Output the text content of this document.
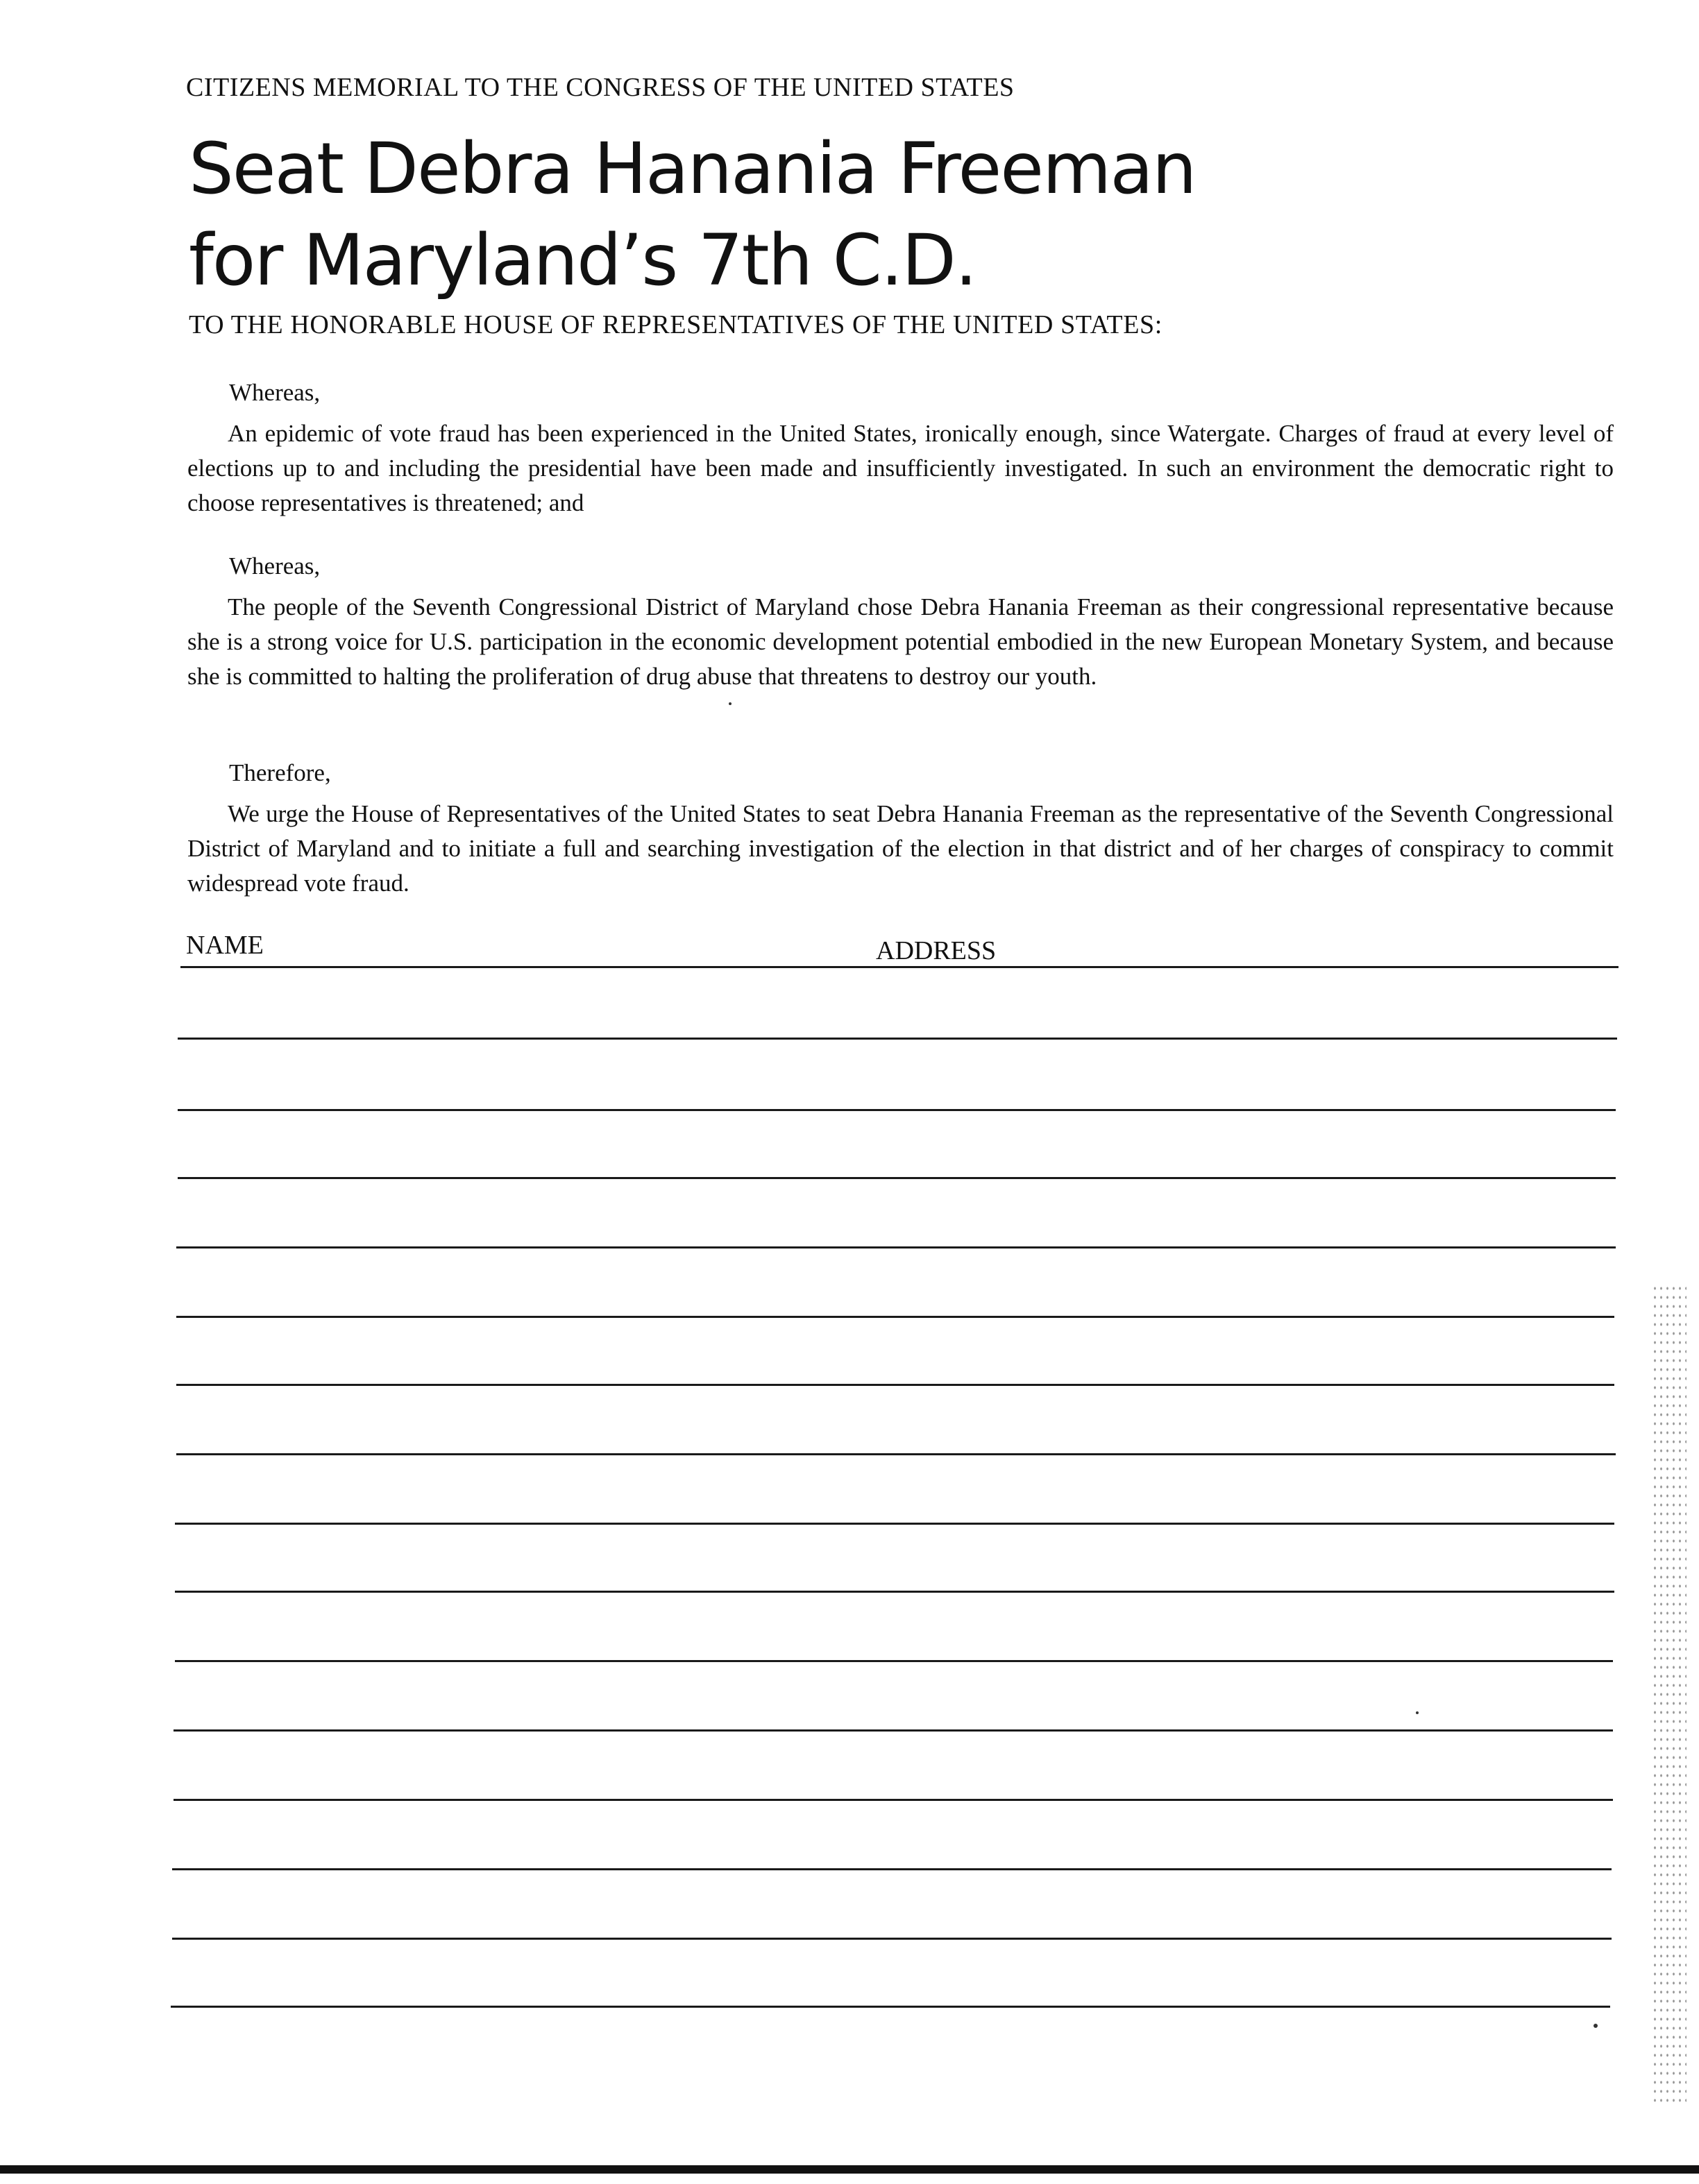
CITIZENS MEMORIAL TO THE CONGRESS OF THE UNITED STATES
Seat Debra Hanania Freeman
for Maryland’s 7th C.D.
TO THE HONORABLE HOUSE OF REPRESENTATIVES OF THE UNITED STATES:
Whereas,
An epidemic of vote fraud has been experienced in the United States, ironically enough, since Watergate. Charges of fraud at every level of elections up to and including the presidential have been made and insufficiently investigated. In such an environment the democratic right to choose representatives is threatened; and
Whereas,
The people of the Seventh Congressional District of Maryland chose Debra Hanania Freeman as their congressional representative because she is a strong voice for U.S. participation in the economic development potential embodied in the new European Monetary System, and because she is committed to halting the proliferation of drug abuse that threatens to destroy our youth.
Therefore,
We urge the House of Representatives of the United States to seat Debra Hanania Freeman as the representative of the Seventh Congressional District of Maryland and to initiate a full and searching investigation of the election in that district and of her charges of conspiracy to commit widespread vote fraud.
NAME	ADDRESS
